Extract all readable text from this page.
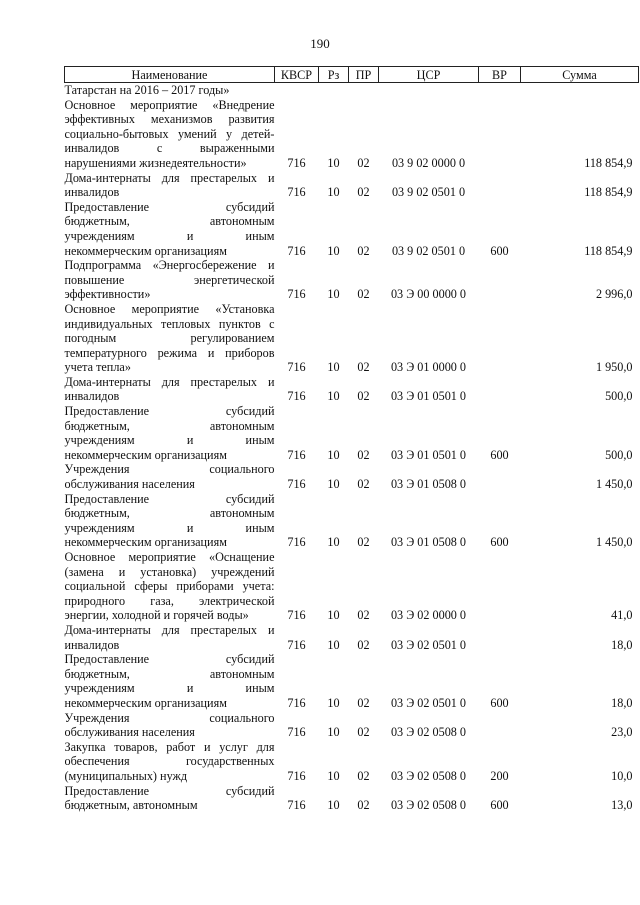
190
Наименование	КВСР	Рз	ПР	ЦСР	ВР	Сумма

Татарстан на 2016 – 2017 годы»						

Основное мероприятие «Внедрение
эффективных механизмов развития
социально-бытовых умений у детей-
инвалидов с выраженными
нарушениями жизнедеятельности»	716	10	02	03 9 02 0000 0		118 854,9

Дома-интернаты для престарелых и
инвалидов	716	10	02	03 9 02 0501 0		118 854,9

Предоставление субсидий
бюджетным, автономным
учреждениям и иным
некоммерческим организациям	716	10	02	03 9 02 0501 0	600	118 854,9

Подпрограмма «Энергосбережение и
повышение энергетической
эффективности»	716	10	02	03 Э 00 0000 0		2 996,0

Основное мероприятие «Установка
индивидуальных тепловых пунктов с
погодным регулированием
температурного режима и приборов
учета тепла»	716	10	02	03 Э 01 0000 0		1 950,0

Дома-интернаты для престарелых и
инвалидов	716	10	02	03 Э 01 0501 0		500,0

Предоставление субсидий
бюджетным, автономным
учреждениям и иным
некоммерческим организациям	716	10	02	03 Э 01 0501 0	600	500,0

Учреждения социального
обслуживания населения	716	10	02	03 Э 01 0508 0		1 450,0

Предоставление субсидий
бюджетным, автономным
учреждениям и иным
некоммерческим организациям	716	10	02	03 Э 01 0508 0	600	1 450,0

Основное мероприятие «Оснащение
(замена и установка) учреждений
социальной сферы приборами учета:
природного газа, электрической
энергии, холодной и горячей воды»	716	10	02	03 Э 02 0000 0		41,0

Дома-интернаты для престарелых и
инвалидов	716	10	02	03 Э 02 0501 0		18,0

Предоставление субсидий
бюджетным, автономным
учреждениям и иным
некоммерческим организациям	716	10	02	03 Э 02 0501 0	600	18,0

Учреждения социального
обслуживания населения	716	10	02	03 Э 02 0508 0		23,0

Закупка товаров, работ и услуг для
обеспечения государственных
(муниципальных) нужд	716	10	02	03 Э 02 0508 0	200	10,0

Предоставление субсидий
бюджетным, автономным	716	10	02	03 Э 02 0508 0	600	13,0
